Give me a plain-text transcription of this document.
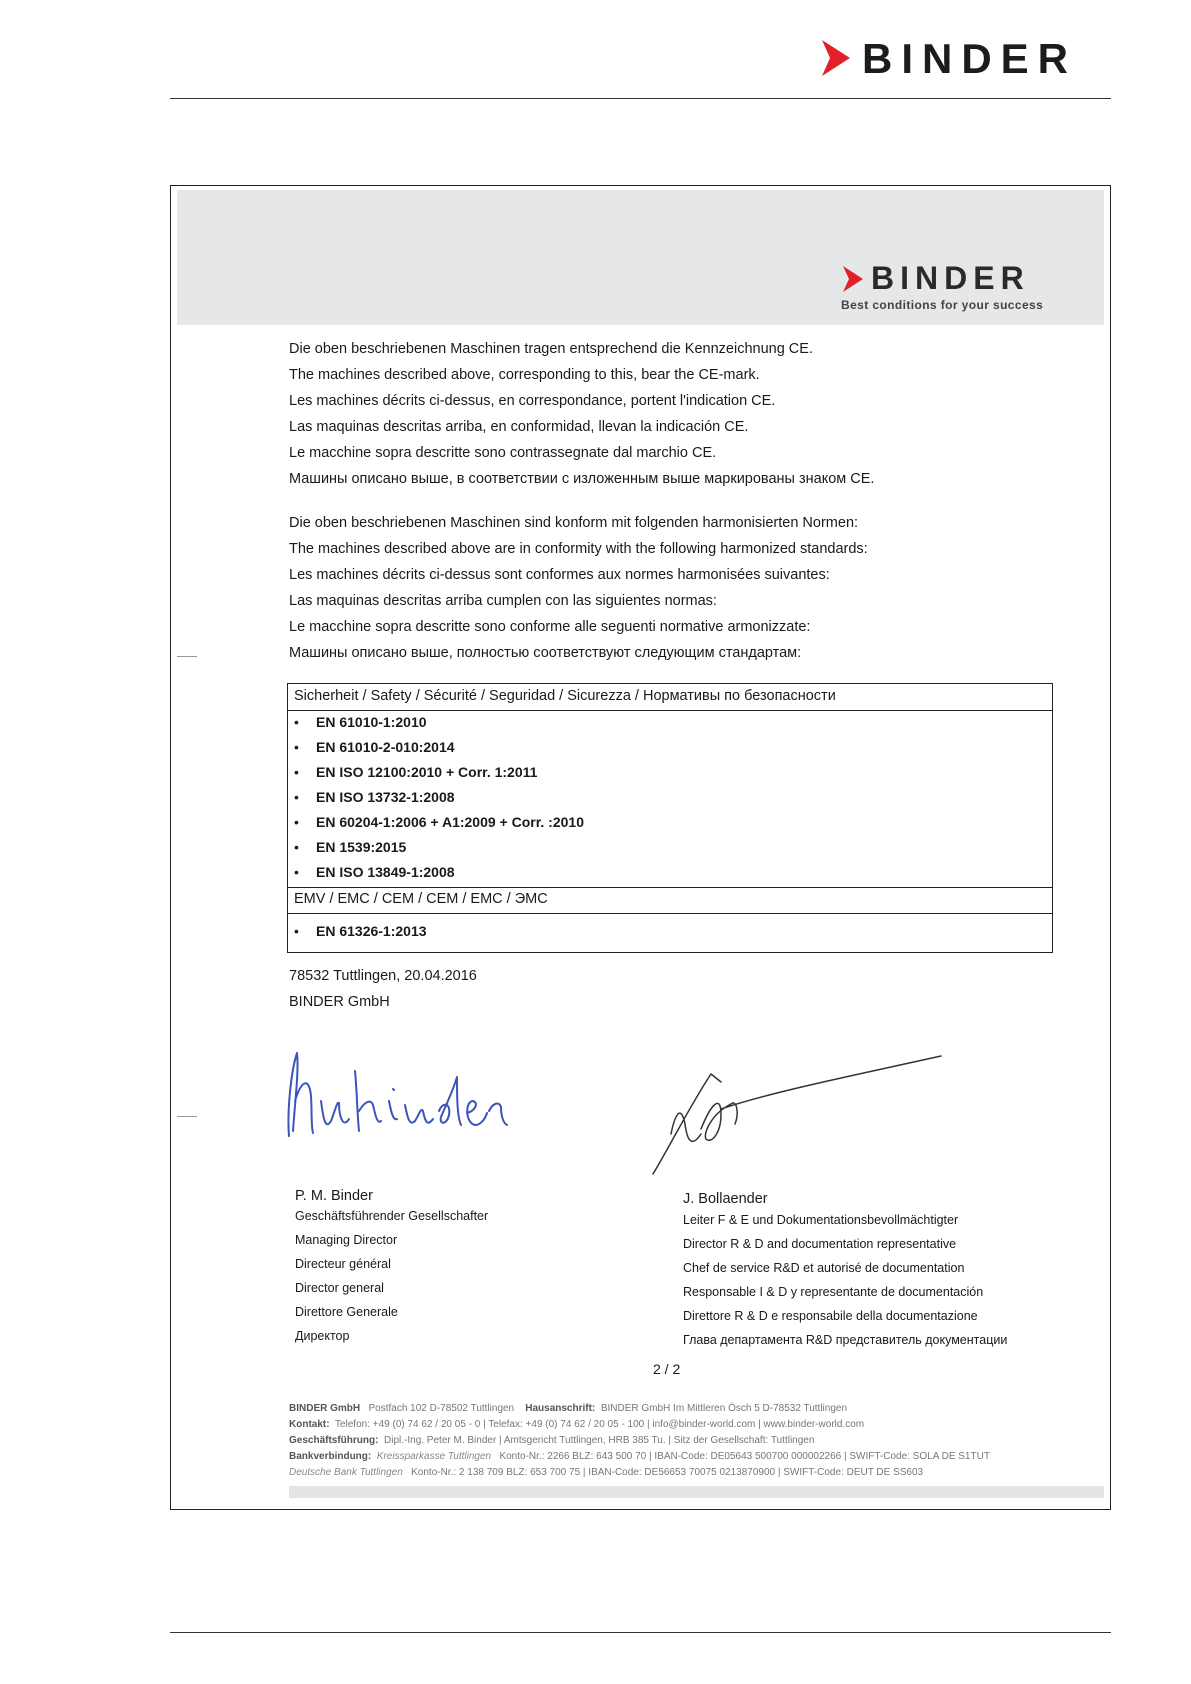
BINDER
BINDER
Best conditions for your success
Die oben beschriebenen Maschinen tragen entsprechend die Kennzeichnung CE.
The machines described above, corresponding to this, bear the CE-mark.
Les machines décrits ci-dessus, en correspondance, portent l'indication CE.
Las maquinas descritas arriba, en conformidad, llevan la indicación CE.
Le macchine sopra descritte sono contrassegnate dal marchio CE.
Машины описано выше, в соответствии с изложенным выше маркированы знаком CE.
Die oben beschriebenen Maschinen sind konform mit folgenden harmonisierten Normen:
The machines described above are in conformity with the following harmonized standards:
Les machines décrits ci-dessus sont conformes aux normes harmonisées suivantes:
Las maquinas descritas arriba cumplen con las siguientes normas:
Le macchine sopra descritte sono conforme alle seguenti normative armonizzate:
Машины описано выше, полностью соответствуют следующим стандартам:
Sicherheit / Safety / Sécurité / Seguridad / Sicurezza / Нормативы по безопасности
• EN 61010-1:2010
• EN 61010-2-010:2014
• EN ISO 12100:2010 + Corr. 1:2011
• EN ISO 13732-1:2008
• EN 60204-1:2006 + A1:2009 + Corr. :2010
• EN 1539:2015
• EN ISO 13849-1:2008
EMV / EMC / CEM / CEM / EMC / ЭМС
• EN 61326-1:2013
78532 Tuttlingen, 20.04.2016
BINDER GmbH
P. M. Binder
Geschäftsführender Gesellschafter
Managing Director
Directeur général
Director general
Direttore Generale
Директор
J. Bollaender
Leiter F & E und Dokumentationsbevollmächtigter
Director R & D and documentation representative
Chef de service R&D et autorisé de documentation
Responsable I & D y representante de documentación
Direttore R & D e responsabile della documentazione
Глава департамента R&D представитель документации
2 / 2
BINDER GmbH Postfach 102 D-78502 Tuttlingen Hausanschrift: BINDER GmbH Im Mittleren Ösch 5 D-78532 Tuttlingen
Kontakt: Telefon: +49 (0) 74 62 / 20 05 - 0 | Telefax: +49 (0) 74 62 / 20 05 - 100 | info@binder-world.com | www.binder-world.com
Geschäftsführung: Dipl.-Ing. Peter M. Binder | Amtsgericht Tuttlingen, HRB 385 Tu. | Sitz der Gesellschaft: Tuttlingen
Bankverbindung: Kreissparkasse Tuttlingen Konto-Nr.: 2266 BLZ: 643 500 70 | IBAN-Code: DE05643 500700 000002266 | SWIFT-Code: SOLA DE S1TUT
Deutsche Bank Tuttlingen Konto-Nr.: 2 138 709 BLZ: 653 700 75 | IBAN-Code: DE56653 70075 0213870900 | SWIFT-Code: DEUT DE SS603
